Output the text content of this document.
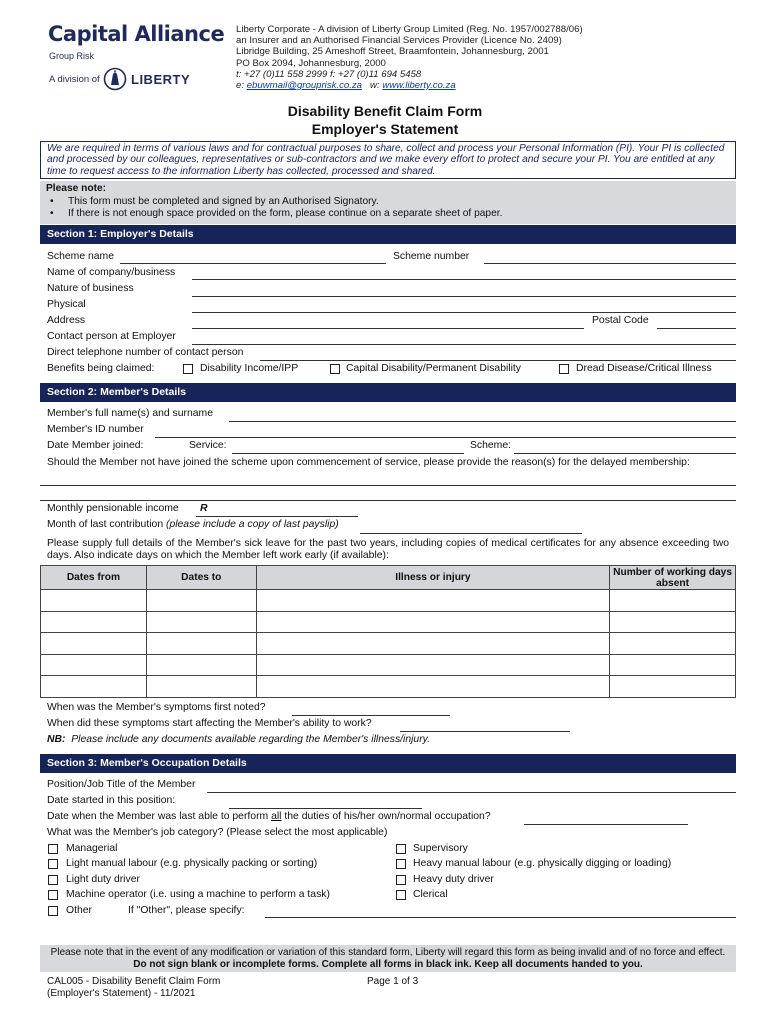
Capital Alliance
Group Risk
A division of LIBERTY
Liberty Corporate - A division of Liberty Group Limited (Reg. No. 1957/002788/06)
an Insurer and an Authorised Financial Services Provider (Licence No. 2409)
Libridge Building, 25 Ameshoff Street, Braamfontein, Johannesburg, 2001
PO Box 2094, Johannesburg, 2000
t: +27 (0)11 558 2999 f: +27 (0)11 694 5458
e: ebuwmail@grouprisk.co.za w: www.liberty.co.za
Disability Benefit Claim Form
Employer's Statement
We are required in terms of various laws and for contractual purposes to share, collect and process your Personal Information (PI). Your PI is collected and processed by our colleagues, representatives or sub-contractors and we make every effort to protect and secure your PI. You are entitled at any time to request access to the information Liberty has collected, processed and shared.
Please note:
• This form must be completed and signed by an Authorised Signatory.
• If there is not enough space provided on the form, please continue on a separate sheet of paper.
Section 1: Employer's Details
Scheme name	Scheme number
Name of company/business
Nature of business
Physical
Address	Postal Code
Contact person at Employer
Direct telephone number of contact person
Benefits being claimed:	Disability Income/IPP	Capital Disability/Permanent Disability	Dread Disease/Critical Illness
Section 2: Member's Details
Member's full name(s) and surname
Member's ID number
Date Member joined:	Service:	Scheme:
Should the Member not have joined the scheme upon commencement of service, please provide the reason(s) for the delayed membership:
Monthly pensionable income R
Month of last contribution (please include a copy of last payslip)
Please supply full details of the Member's sick leave for the past two years, including copies of medical certificates for any absence exceeding two days. Also indicate days on which the Member left work early (if available):
Dates from	Dates to	Illness or injury	Number of working days absent

When was the Member's symptoms first noted?
When did these symptoms start affecting the Member's ability to work?
NB: Please include any documents available regarding the Member's illness/injury.
Section 3: Member's Occupation Details
Position/Job Title of the Member
Date started in this position:
Date when the Member was last able to perform all the duties of his/her own/normal occupation?
What was the Member's job category? (Please select the most applicable)
Managerial
Light manual labour (e.g. physically packing or sorting)
Light duty driver
Machine operator (i.e. using a machine to perform a task)
Other	If "Other", please specify:
Supervisory
Heavy manual labour (e.g. physically digging or loading)
Heavy duty driver
Clerical
Please note that in the event of any modification or variation of this standard form, Liberty will regard this form as being invalid and of no force and effect. Do not sign blank or incomplete forms. Complete all forms in black ink. Keep all documents handed to you.
CAL005 - Disability Benefit Claim Form
(Employer's Statement) - 11/2021
Page 1 of 3
